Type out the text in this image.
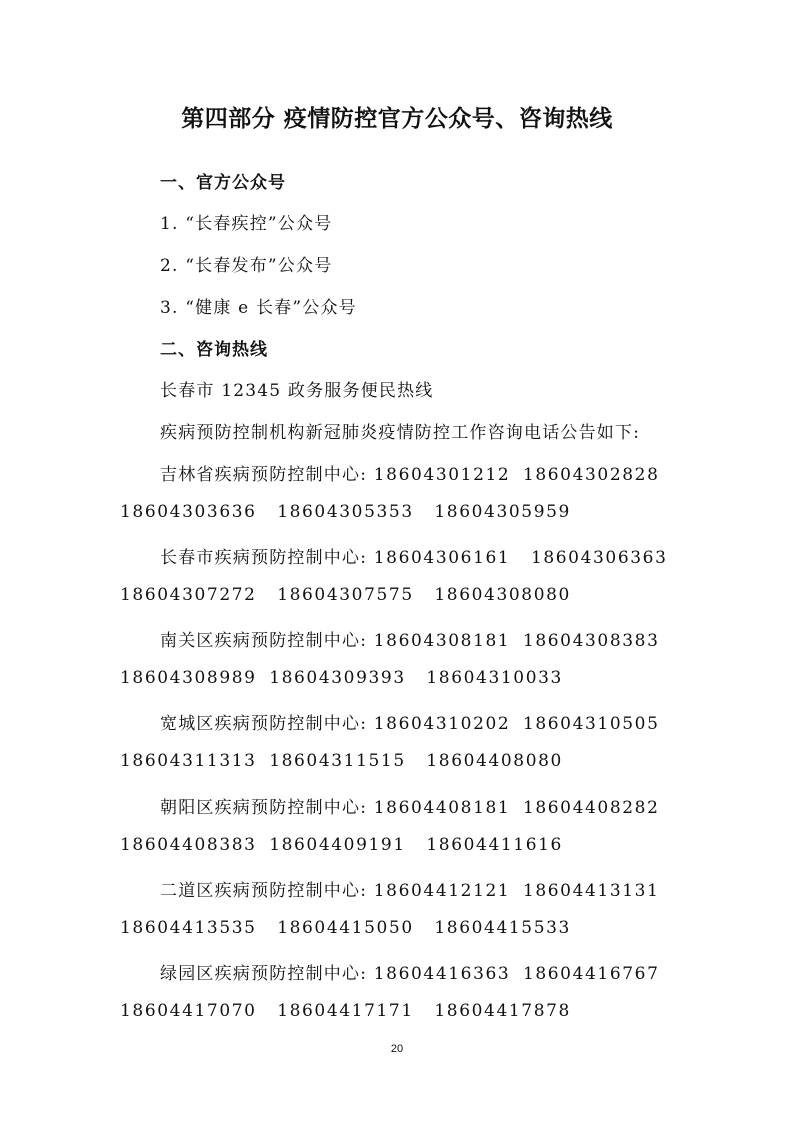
第四部分 疫情防控官方公众号、咨询热线
一、官方公众号
1. “长春疾控”公众号
2. “长春发布”公众号
3. “健康 e 长春”公众号
二、咨询热线
长春市 12345 政务服务便民热线
疾病预防控制机构新冠肺炎疫情防控工作咨询电话公告如下:
吉林省疾病预防控制中心: 18604301212 18604302828
18604303636 18604305353 18604305959
长春市疾病预防控制中心: 18604306161 18604306363
18604307272 18604307575 18604308080
南关区疾病预防控制中心: 18604308181 18604308383
18604308989 18604309393 18604310033
宽城区疾病预防控制中心: 18604310202 18604310505
18604311313 18604311515 18604408080
朝阳区疾病预防控制中心: 18604408181 18604408282
18604408383 18604409191 18604411616
二道区疾病预防控制中心: 18604412121 18604413131
18604413535 18604415050 18604415533
绿园区疾病预防控制中心: 18604416363 18604416767
18604417070 18604417171 18604417878
20
